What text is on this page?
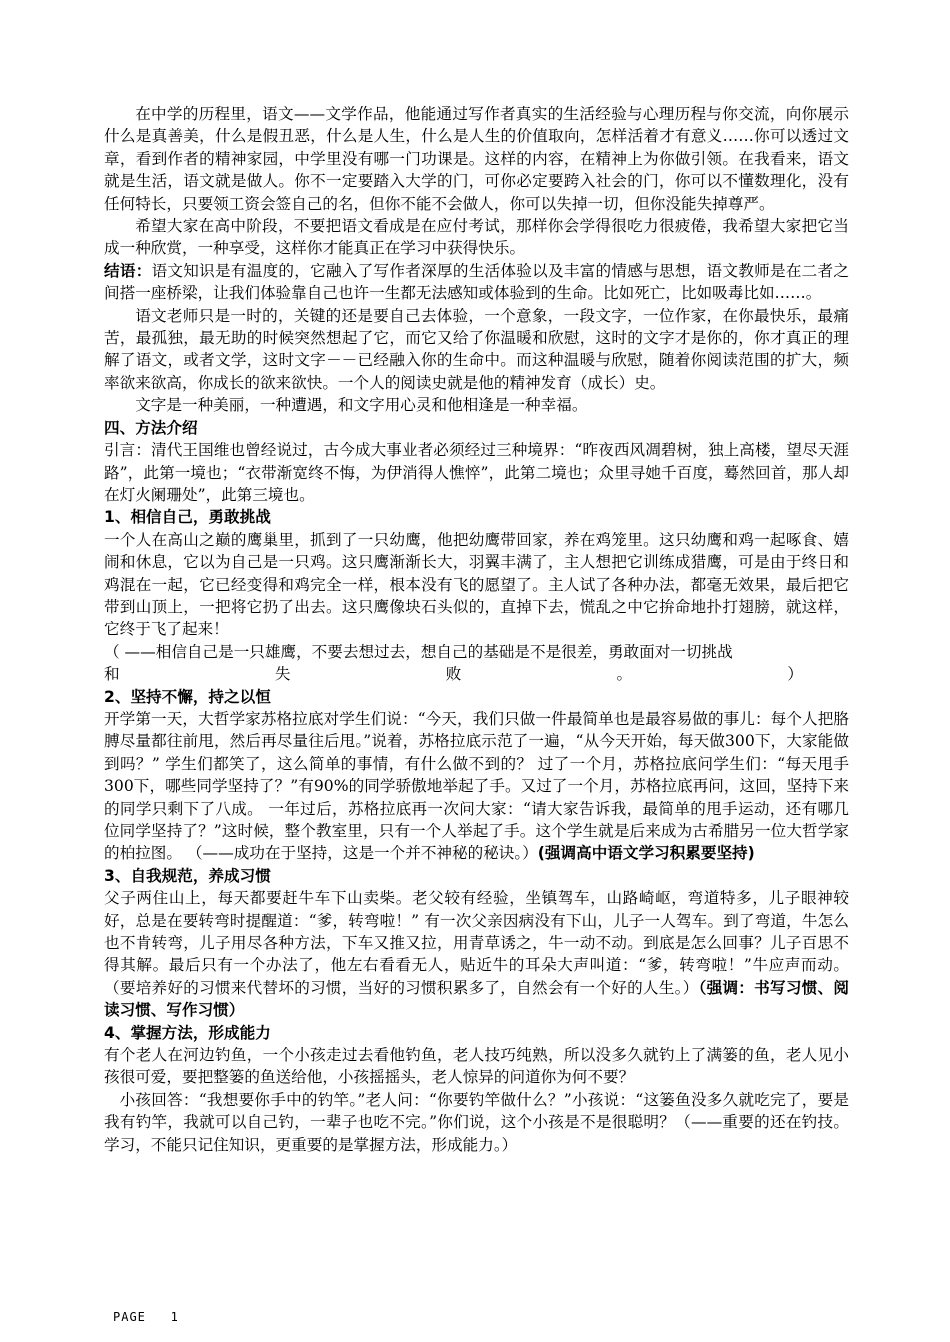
在中学的历程里，语文——文学作品，他能通过写作者真实的生活经验与心理历程与你交流，向你展示什么是真善美，什么是假丑恶，什么是人生，什么是人生的价值取向，怎样活着才有意义……你可以透过文章，看到作者的精神家园，中学里没有哪一门功课是。这样的内容，在精神上为你做引领。在我看来，语文就是生活，语文就是做人。你不一定要踏入大学的门，可你必定要跨入社会的门，你可以不懂数理化，没有任何特长，只要领工资会签自己的名，但你不能不会做人，你可以失掉一切，但你没能失掉尊严。

希望大家在高中阶段，不要把语文看成是在应付考试，那样你会学得很吃力很疲倦，我希望大家把它当成一种欣赏，一种享受，这样你才能真正在学习中获得快乐。

结语：语文知识是有温度的，它融入了写作者深厚的生活体验以及丰富的情感与思想，语文教师是在二者之间搭一座桥梁，让我们体验靠自己也许一生都无法感知或体验到的生命。比如死亡，比如吸毒比如……。

语文老师只是一时的，关键的还是要自己去体验，一个意象，一段文字，一位作家，在你最快乐，最痛苦，最孤独，最无助的时候突然想起了它，而它又给了你温暖和欣慰，这时的文字才是你的，你才真正的理解了语文，或者文学，这时文字－－已经融入你的生命中。而这种温暖与欣慰，随着你阅读范围的扩大，频率欲来欲高，你成长的欲来欲快。一个人的阅读史就是他的精神发育（成长）史。

文字是一种美丽，一种遭遇，和文字用心灵和他相逢是一种幸福。

四、方法介绍

引言：清代王国维也曾经说过，古今成大事业者必须经过三种境界：“昨夜西风凋碧树，独上高楼，望尽天涯路”，此第一境也；“衣带渐宽终不悔，为伊消得人憔悴”，此第二境也；众里寻她千百度，蓦然回首，那人却在灯火阑珊处”，此第三境也。

1、相信自己，勇敢挑战

一个人在高山之巅的鹰巢里，抓到了一只幼鹰，他把幼鹰带回家，养在鸡笼里。这只幼鹰和鸡一起啄食、嬉闹和休息，它以为自己是一只鸡。这只鹰渐渐长大，羽翼丰满了，主人想把它训练成猎鹰，可是由于终日和鸡混在一起，它已经变得和鸡完全一样，根本没有飞的愿望了。主人试了各种办法，都毫无效果，最后把它带到山顶上，一把将它扔了出去。这只鹰像块石头似的，直掉下去，慌乱之中它拚命地扑打翅膀，就这样，它终于飞了起来！

（ ——相信自己是一只雄鹰，不要去想过去，想自己的基础是不是很差，勇敢面对一切挑战

和	失	败	。	）

2、坚持不懈，持之以恒

开学第一天，大哲学家苏格拉底对学生们说：“今天，我们只做一件最简单也是最容易做的事儿：每个人把胳膊尽量都往前甩，然后再尽量往后甩。”说着，苏格拉底示范了一遍，“从今天开始，每天做300下，大家能做到吗？” 学生们都笑了，这么简单的事情，有什么做不到的？ 过了一个月，苏格拉底问学生们：“每天甩手300下，哪些同学坚持了？”有90%的同学骄傲地举起了手。又过了一个月，苏格拉底再问，这回，坚持下来的同学只剩下了八成。 一年过后，苏格拉底再一次问大家：“请大家告诉我，最简单的甩手运动，还有哪几位同学坚持了？”这时候，整个教室里，只有一个人举起了手。这个学生就是后来成为古希腊另一位大哲学家的柏拉图。 （——成功在于坚持，这是一个并不神秘的秘诀。）(强调高中语文学习积累要坚持)

3、自我规范，养成习惯

父子两住山上，每天都要赶牛车下山卖柴。老父较有经验，坐镇驾车，山路崎岖，弯道特多，儿子眼神较好，总是在要转弯时提醒道：“爹，转弯啦！” 有一次父亲因病没有下山，儿子一人驾车。到了弯道，牛怎么也不肯转弯，儿子用尽各种方法，下车又推又拉，用青草诱之，牛一动不动。到底是怎么回事？儿子百思不得其解。最后只有一个办法了，他左右看看无人，贴近牛的耳朵大声叫道：“爹，转弯啦！”牛应声而动。 （要培养好的习惯来代替坏的习惯，当好的习惯积累多了，自然会有一个好的人生。）（强调：书写习惯、阅读习惯、写作习惯）

4、掌握方法，形成能力

有个老人在河边钓鱼，一个小孩走过去看他钓鱼，老人技巧纯熟，所以没多久就钓上了满篓的鱼，老人见小孩很可爱，要把整篓的鱼送给他，小孩摇摇头，老人惊异的问道你为何不要？

小孩回答：“我想要你手中的钓竿。”老人问：“你要钓竿做什么？”小孩说：“这篓鱼没多久就吃完了，要是我有钓竿，我就可以自己钓，一辈子也吃不完。”你们说，这个小孩是不是很聪明？（——重要的还在钓技。学习，不能只记住知识，更重要的是掌握方法，形成能力。）

PAGE 1
